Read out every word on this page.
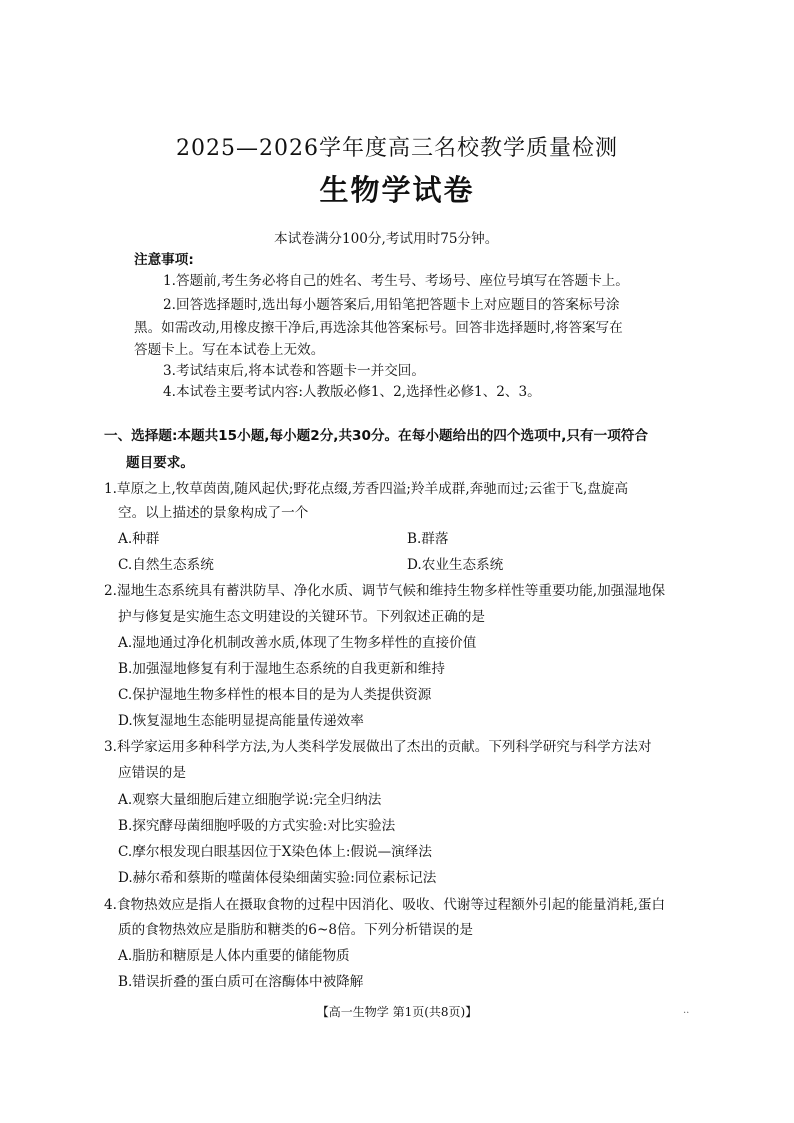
2025—2026学年度高三名校教学质量检测
生物学试卷
本试卷满分100分,考试用时75分钟。
注意事项:
1.答题前,考生务必将自己的姓名、考生号、考场号、座位号填写在答题卡上。
2.回答选择题时,选出每小题答案后,用铅笔把答题卡上对应题目的答案标号涂
黑。如需改动,用橡皮擦干净后,再选涂其他答案标号。回答非选择题时,将答案写在
答题卡上。写在本试卷上无效。
3.考试结束后,将本试卷和答题卡一并交回。
4.本试卷主要考试内容:人教版必修1、2,选择性必修1、2、3。
一、选择题:本题共15小题,每小题2分,共30分。在每小题给出的四个选项中,只有一项符合
题目要求。
1.草原之上,牧草茵茵,随风起伏;野花点缀,芳香四溢;羚羊成群,奔驰而过;云雀于飞,盘旋高
空。以上描述的景象构成了一个
A.种群	B.群落
C.自然生态系统	D.农业生态系统
2.湿地生态系统具有蓄洪防旱、净化水质、调节气候和维持生物多样性等重要功能,加强湿地保
护与修复是实施生态文明建设的关键环节。下列叙述正确的是
A.湿地通过净化机制改善水质,体现了生物多样性的直接价值
B.加强湿地修复有利于湿地生态系统的自我更新和维持
C.保护湿地生物多样性的根本目的是为人类提供资源
D.恢复湿地生态能明显提高能量传递效率
3.科学家运用多种科学方法,为人类科学发展做出了杰出的贡献。下列科学研究与科学方法对
应错误的是
A.观察大量细胞后建立细胞学说:完全归纳法
B.探究酵母菌细胞呼吸的方式实验:对比实验法
C.摩尔根发现白眼基因位于X染色体上:假说—演绎法
D.赫尔希和蔡斯的噬菌体侵染细菌实验:同位素标记法
4.食物热效应是指人在摄取食物的过程中因消化、吸收、代谢等过程额外引起的能量消耗,蛋白
质的食物热效应是脂肪和糖类的6~8倍。下列分析错误的是
A.脂肪和糖原是人体内重要的储能物质
B.错误折叠的蛋白质可在溶酶体中被降解
【高一生物学 第1页(共8页)】	..
